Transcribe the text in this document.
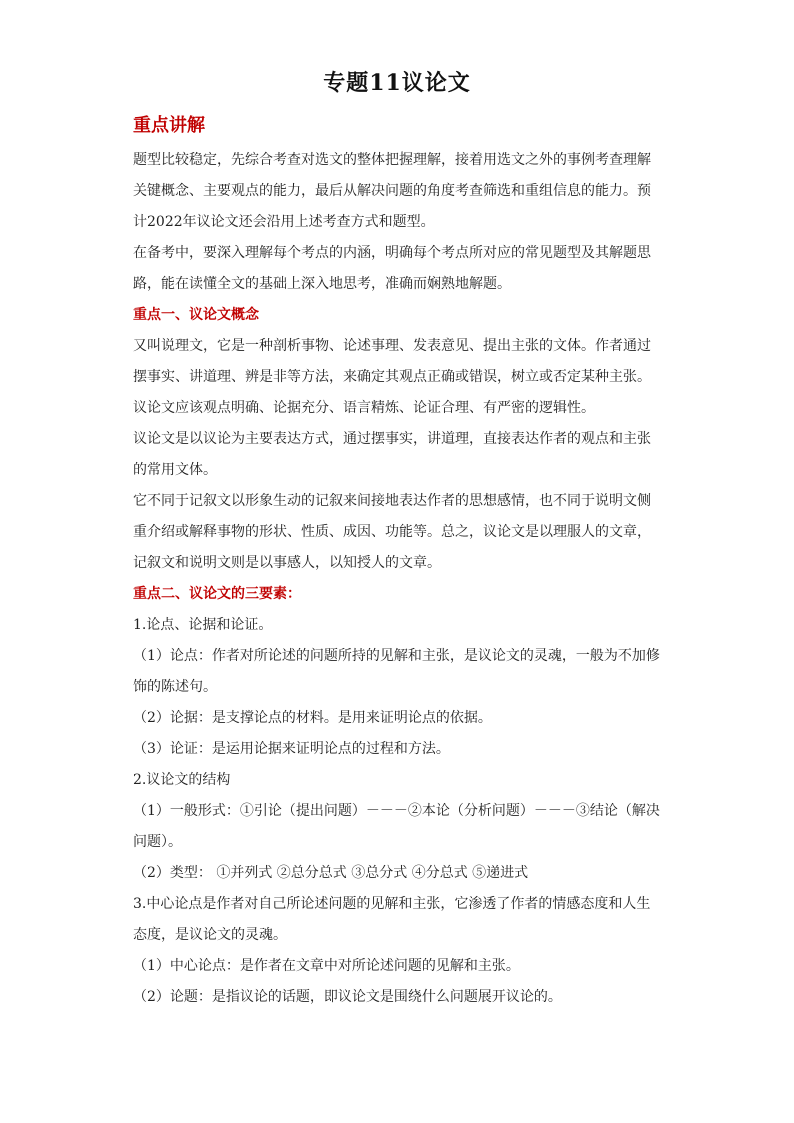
专题11议论文
重点讲解

题型比较稳定，先综合考查对选文的整体把握理解，接着用选文之外的事例考查理解关键概念、主要观点的能力，最后从解决问题的角度考查筛选和重组信息的能力。预计2022年议论文还会沿用上述考查方式和题型。

在备考中，要深入理解每个考点的内涵，明确每个考点所对应的常见题型及其解题思路，能在读懂全文的基础上深入地思考，准确而娴熟地解题。

重点一、议论文概念

又叫说理文，它是一种剖析事物、论述事理、发表意见、提出主张的文体。作者通过摆事实、讲道理、辨是非等方法，来确定其观点正确或错误，树立或否定某种主张。

议论文应该观点明确、论据充分、语言精炼、论证合理、有严密的逻辑性。

议论文是以议论为主要表达方式，通过摆事实，讲道理，直接表达作者的观点和主张的常用文体。

它不同于记叙文以形象生动的记叙来间接地表达作者的思想感情，也不同于说明文侧重介绍或解释事物的形状、性质、成因、功能等。总之，议论文是以理服人的文章，记叙文和说明文则是以事感人，以知授人的文章。

重点二、议论文的三要素：

1.论点、论据和论证。

（1）论点：作者对所论述的问题所持的见解和主张，是议论文的灵魂，一般为不加修饰的陈述句。

（2）论据：是支撑论点的材料。是用来证明论点的依据。

（3）论证：是运用论据来证明论点的过程和方法。

2.议论文的结构

（1）一般形式：①引论（提出问题）－－－②本论（分析问题）－－－③结论（解决问题）。

（2）类型： ①并列式 ②总分总式 ③总分式 ④分总式 ⑤递进式

3.中心论点是作者对自己所论述问题的见解和主张，它渗透了作者的情感态度和人生态度，是议论文的灵魂。

（1）中心论点：是作者在文章中对所论述问题的见解和主张。

（2）论题：是指议论的话题，即议论文是围绕什么问题展开议论的。
